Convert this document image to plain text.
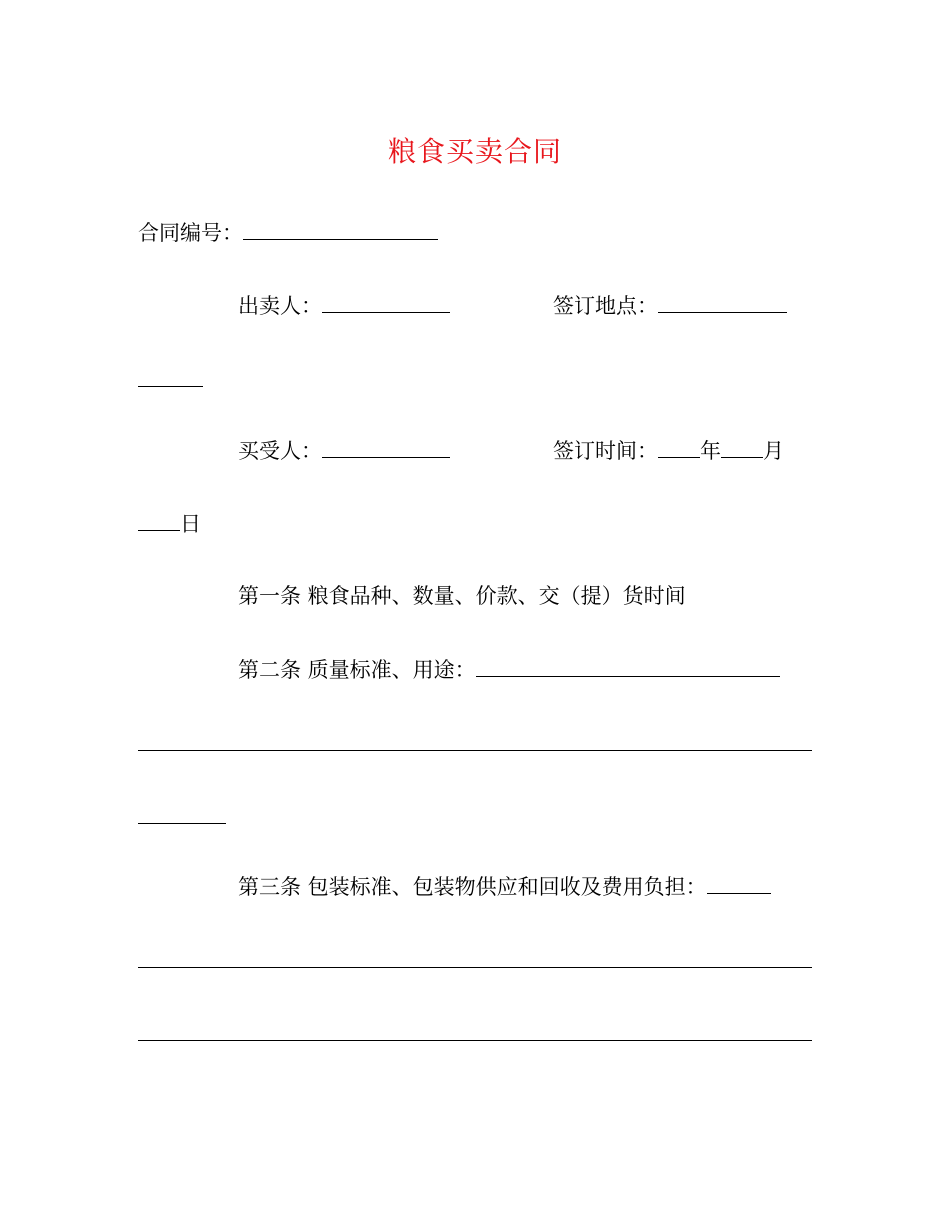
粮食买卖合同
合同编号：
出卖人：	签订地点：
买受人：	签订时间： 年 月
日
第一条 粮食品种、数量、价款、交（提）货时间
第二条 质量标准、用途：
第三条 包装标准、包装物供应和回收及费用负担：
